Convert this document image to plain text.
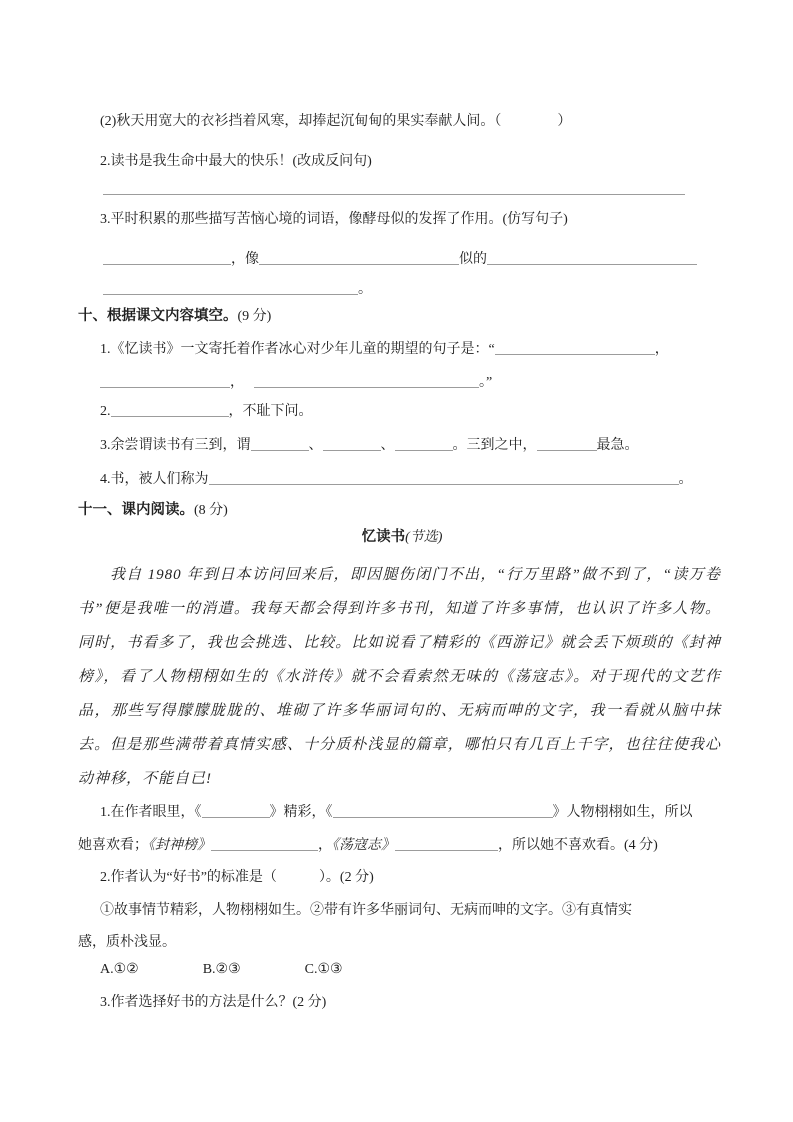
(2)秋天用宽大的衣衫挡着风寒，却捧起沉甸甸的果实奉献人间。（	）
2.读书是我生命中最大的快乐！(改成反问句)
3.平时积累的那些描写苦恼心境的词语，像酵母似的发挥了作用。(仿写句子)
，像	似的
。
十、根据课文内容填空。(9 分)
1.《忆读书》一文寄托着作者冰心对少年儿童的期望的句子是：“	，
，	。”
2.	，不耻下问。
3.余尝谓读书有三到，谓	、	、	。三到之中，	最急。
4.书，被人们称为	。
十一、课内阅读。(8 分)
忆读书(节选)
1.在作者眼里，《	》精彩，《	》人物栩栩如生，所以
她喜欢看；《封神榜》	，《荡寇志》	，所以她不喜欢看。(4 分)
2.作者认为“好书”的标准是（	）。(2 分)
①故事情节精彩，人物栩栩如生。②带有许多华丽词句、无病而呻的文字。③有真情实
感，质朴浅显。
A.①②	B.②③	C.①③
3.作者选择好书的方法是什么？(2 分)
我自 1980 年到日本访问回来后，即因腿伤闭门不出，“行万里路”做不到了，“读万卷书”便是我唯一的消遣。我每天都会得到许多书刊，知道了许多事情，也认识了许多人物。同时，书看多了，我也会挑选、比较。比如说看了精彩的《西游记》就会丢下烦琐的《封神榜》，看了人物栩栩如生的《水浒传》就不会看索然无味的《荡寇志》。对于现代的文艺作品，那些写得朦朦胧胧的、堆砌了许多华丽词句的、无病而呻的文字，我一看就从脑中抹去。但是那些满带着真情实感、十分质朴浅显的篇章，哪怕只有几百上千字，也往往使我心动神移，不能自已!
